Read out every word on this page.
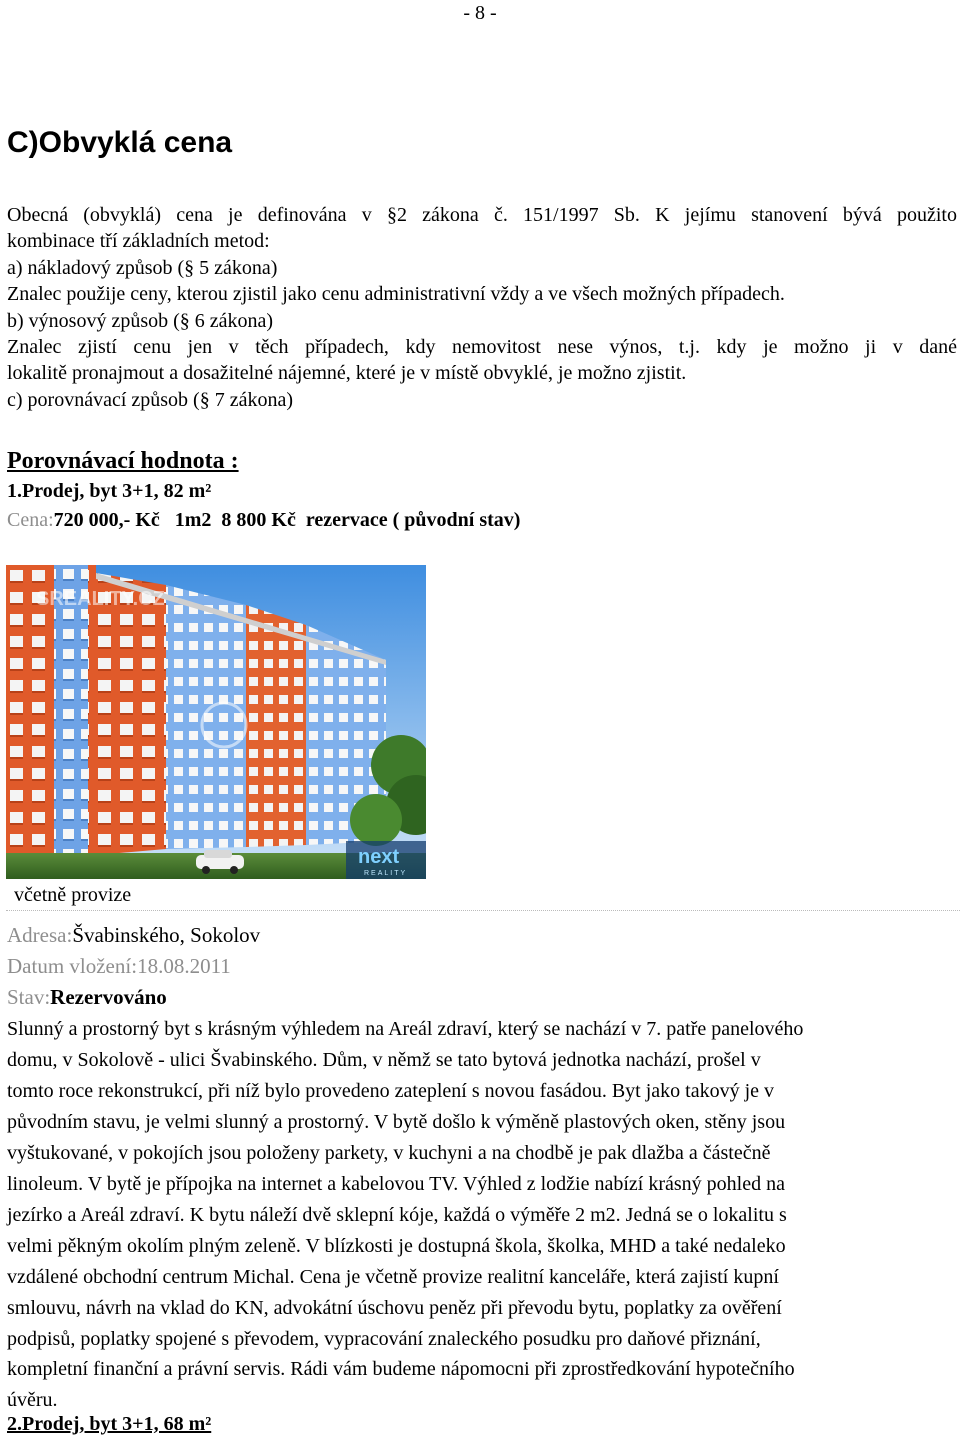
- 8 -
C)Obvyklá cena

Obecná (obvyklá) cena je definována v §2 zákona č. 151/1997 Sb. K jejímu stanovení bývá použito

kombinace tří základních metod:

a) nákladový způsob (§ 5 zákona)

Znalec použije ceny, kterou zjistil jako cenu administrativní vždy a ve všech možných případech.

b) výnosový způsob (§ 6 zákona)

Znalec zjistí cenu jen v těch případech, kdy nemovitost nese výnos, t.j. kdy je možno ji v dané

lokalitě pronajmout a dosažitelné nájemné, které je v místě obvyklé, je možno zjistit.

c) porovnávací způsob (§ 7 zákona)

Porovnávací hodnota :
1.Prodej, byt 3+1, 82 m²
Cena:720 000,- Kč   1m2  8 800 Kč  rezervace ( původní stav)
SREALITY.CZ
next
REALITY
včetně provize
Adresa:Švabinského, Sokolov
Datum vložení:18.08.2011
Stav:Rezervováno

Slunný a prostorný byt s krásným výhledem na Areál zdraví, který se nachází v 7. patře panelového

domu, v Sokolově - ulici Švabinského. Dům, v němž se tato bytová jednotka nachází, prošel v

tomto roce rekonstrukcí, při níž bylo provedeno zateplení s novou fasádou. Byt jako takový je v

původním stavu, je velmi slunný a prostorný. V bytě došlo k výměně plastových oken, stěny jsou

vyštukované, v pokojích jsou položeny parkety, v kuchyni a na chodbě je pak dlažba a částečně

linoleum. V bytě je přípojka na internet a kabelovou TV. Výhled z lodžie nabízí krásný pohled na

jezírko a Areál zdraví. K bytu náleží dvě sklepní kóje, každá o výměře 2 m2. Jedná se o lokalitu s

velmi pěkným okolím plným zeleně. V blízkosti je dostupná škola, školka, MHD a také nedaleko

vzdálené obchodní centrum Michal. Cena je včetně provize realitní kanceláře, která zajistí kupní

smlouvu, návrh na vklad do KN, advokátní úschovu peněz při převodu bytu, poplatky za ověření

podpisů, poplatky spojené s převodem, vypracování znaleckého posudku pro daňové přiznání,

kompletní finanční a právní servis. Rádi vám budeme nápomocni při zprostředkování hypotečního

úvěru.

2.Prodej, byt 3+1, 68 m²
